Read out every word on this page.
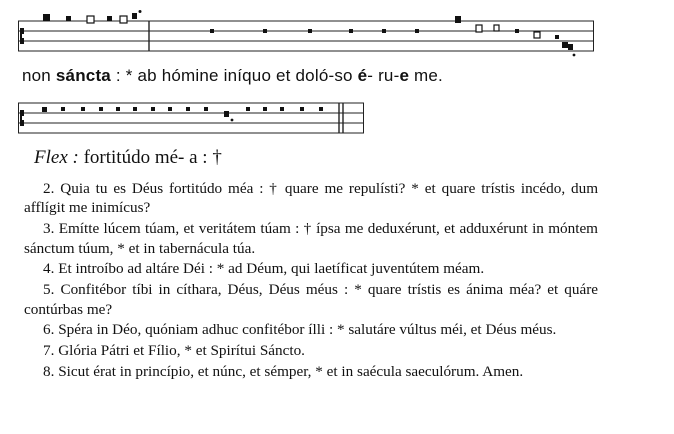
non sáncta : * ab hómine iníquo et doló-so é- ru-e me.
Flex : fortitúdo mé- a : †

2. Quia tu es Déus fortitúdo méa : † quare me repulísti? * et quare trístis incédo, dum afflígit me inimícus?

3. Emítte lúcem túam, et veritátem túam : † ípsa me deduxérunt, et adduxérunt in móntem sánctum túum, * et in tabernácula túa.

4. Et introíbo ad altáre Déi : * ad Déum, qui laetíficat juventútem méam.

5. Confitébor tíbi in cíthara, Déus, Déus méus : * quare trístis es ánima méa? et quáre contúrbas me?

6. Spéra in Déo, quóniam adhuc confitébor ílli : * salutáre vúltus méi, et Déus méus.

7. Glória Pátri et Fílio, * et Spirítui Sáncto.

8. Sicut érat in princípio, et núnc, et sémper, * et in saécula saeculórum. Amen.
